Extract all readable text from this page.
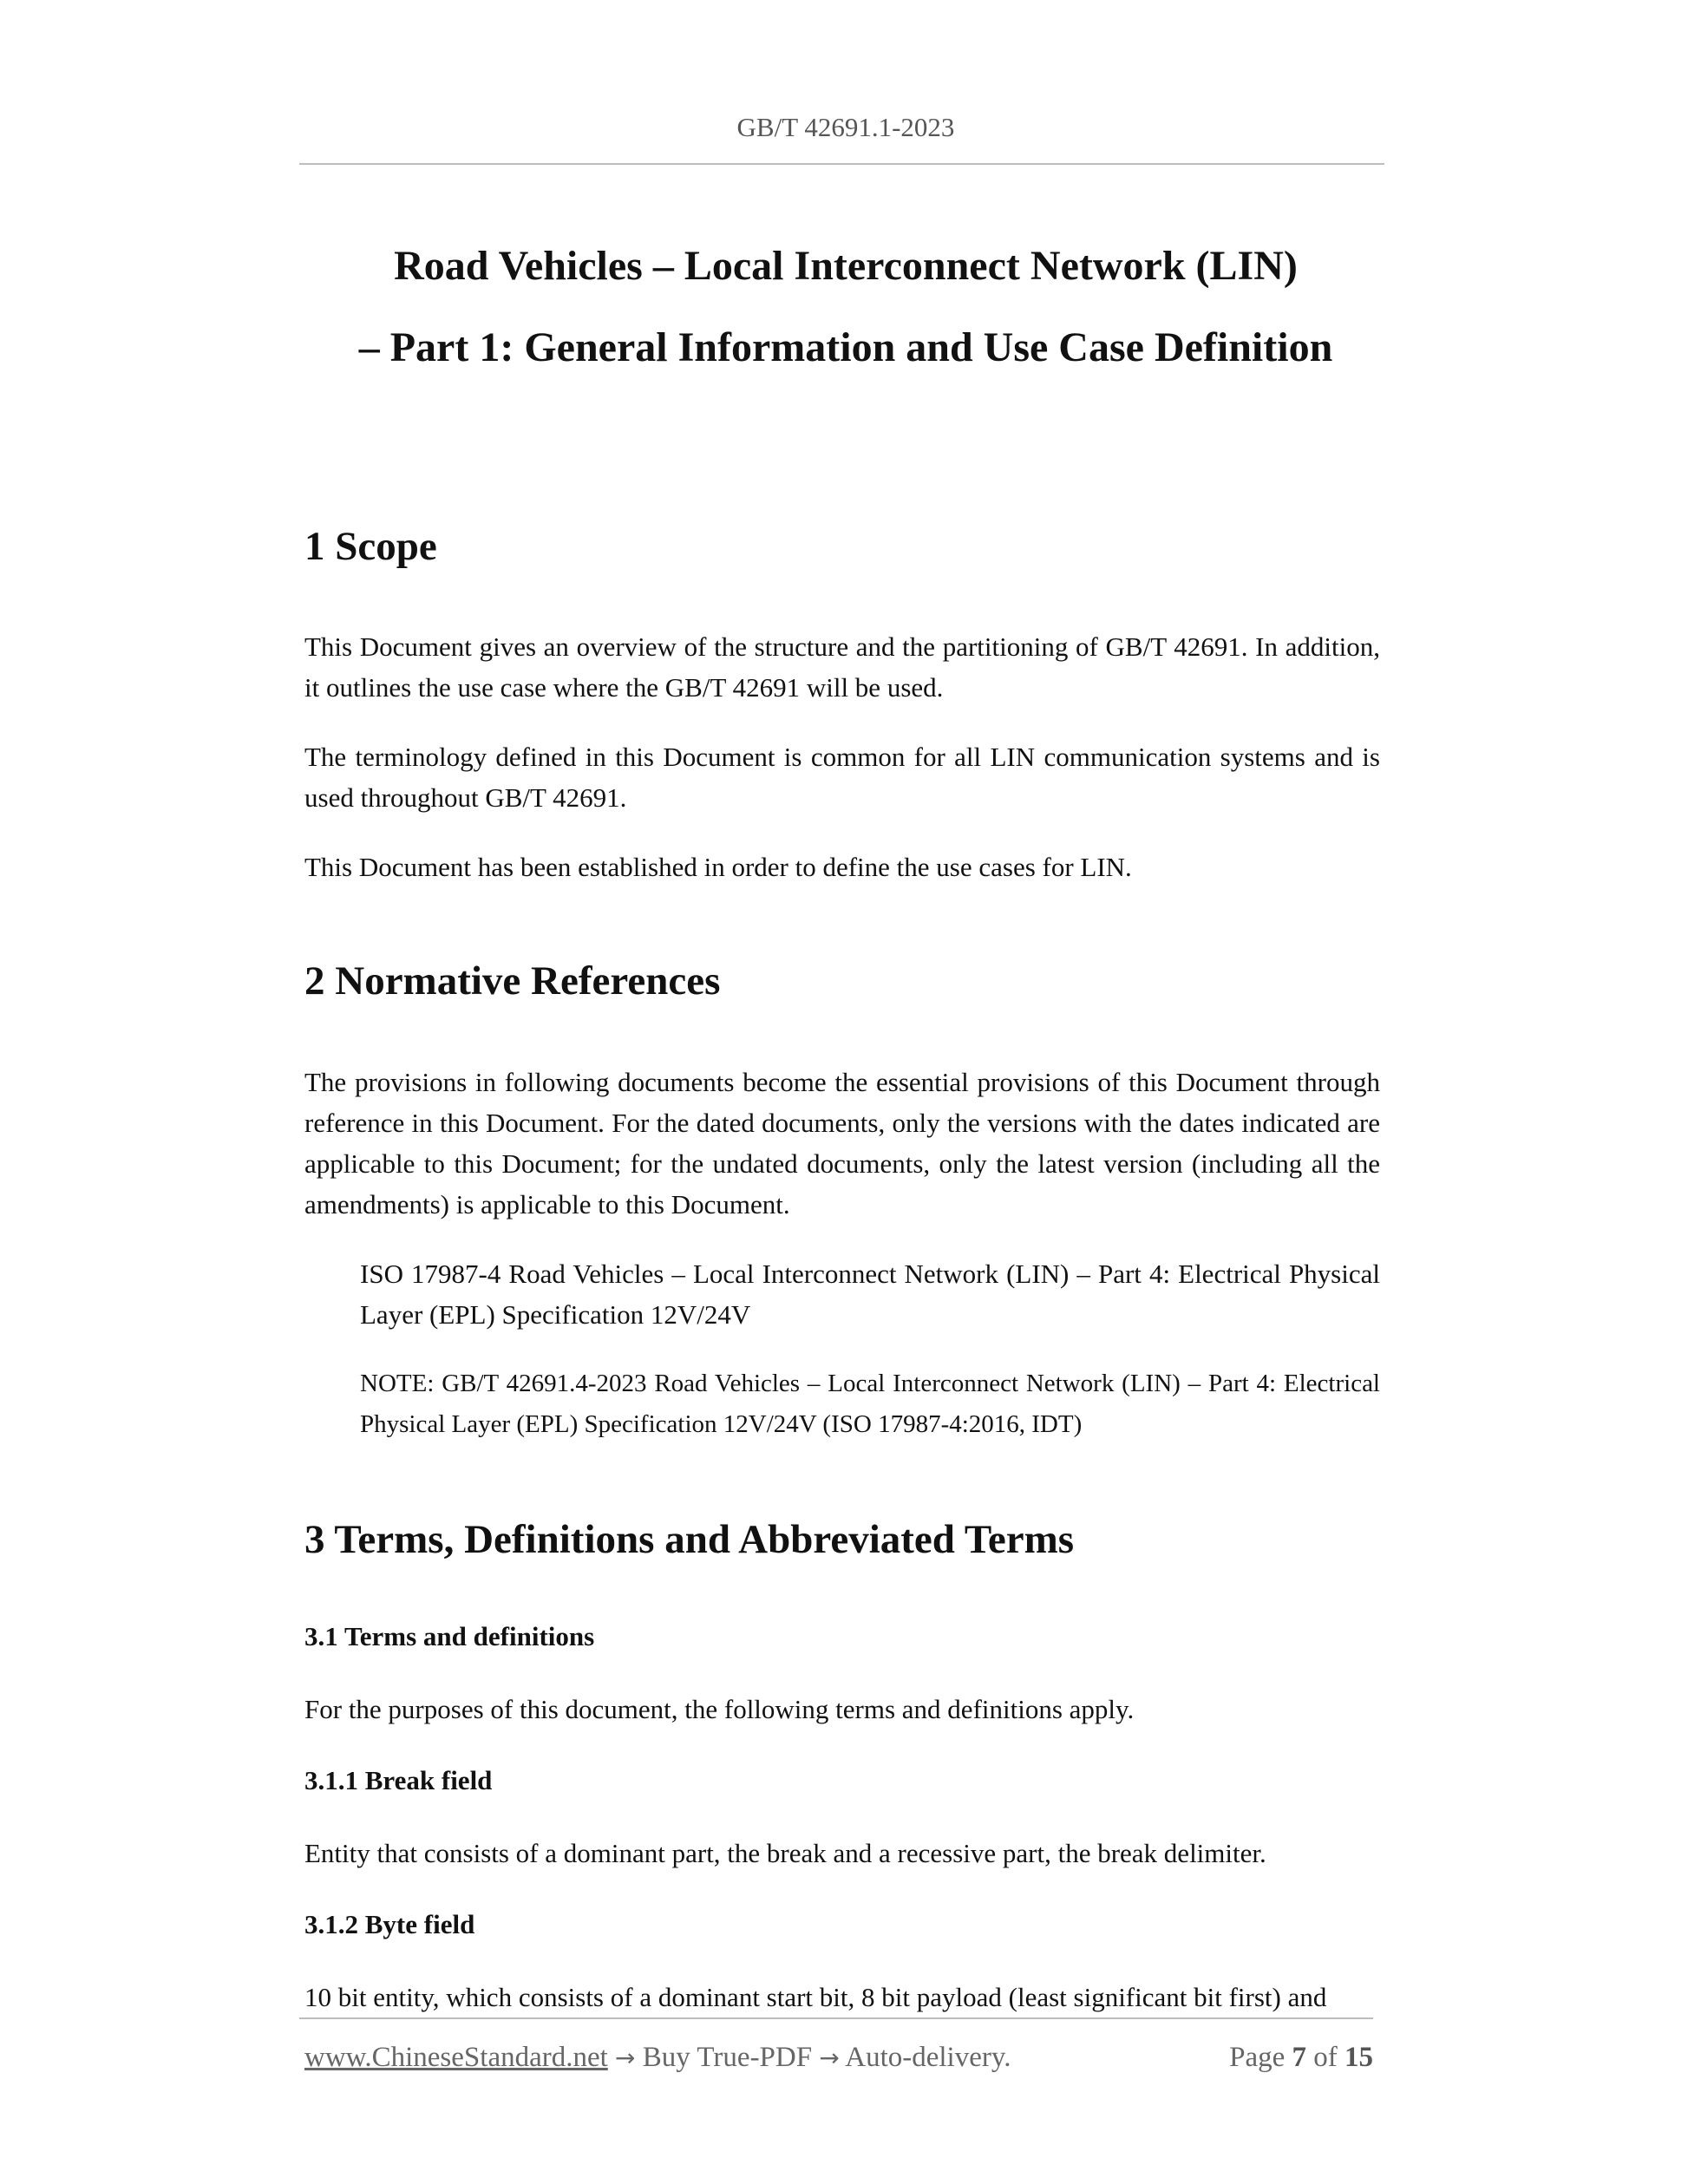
GB/T 42691.1-2023
Road Vehicles – Local Interconnect Network (LIN)
– Part 1: General Information and Use Case Definition
1 Scope

This Document gives an overview of the structure and the partitioning of GB/T 42691. In addition, it outlines the use case where the GB/T 42691 will be used.

The terminology defined in this Document is common for all LIN communication systems and is used throughout GB/T 42691.

This Document has been established in order to define the use cases for LIN.

2 Normative References

The provisions in following documents become the essential provisions of this Document through reference in this Document. For the dated documents, only the versions with the dates indicated are applicable to this Document; for the undated documents, only the latest version (including all the amendments) is applicable to this Document.

ISO 17987-4 Road Vehicles – Local Interconnect Network (LIN) – Part 4: Electrical Physical Layer (EPL) Specification 12V/24V

NOTE: GB/T 42691.4-2023 Road Vehicles – Local Interconnect Network (LIN) – Part 4: Electrical Physical Layer (EPL) Specification 12V/24V (ISO 17987-4:2016, IDT)

3 Terms, Definitions and Abbreviated Terms
3.1 Terms and definitions

For the purposes of this document, the following terms and definitions apply.

3.1.1 Break field

Entity that consists of a dominant part, the break and a recessive part, the break delimiter.

3.1.2 Byte field

10 bit entity, which consists of a dominant start bit, 8 bit payload (least significant bit first) and

www.ChineseStandard.net → Buy True-PDF → Auto-delivery.	Page 7 of 15
